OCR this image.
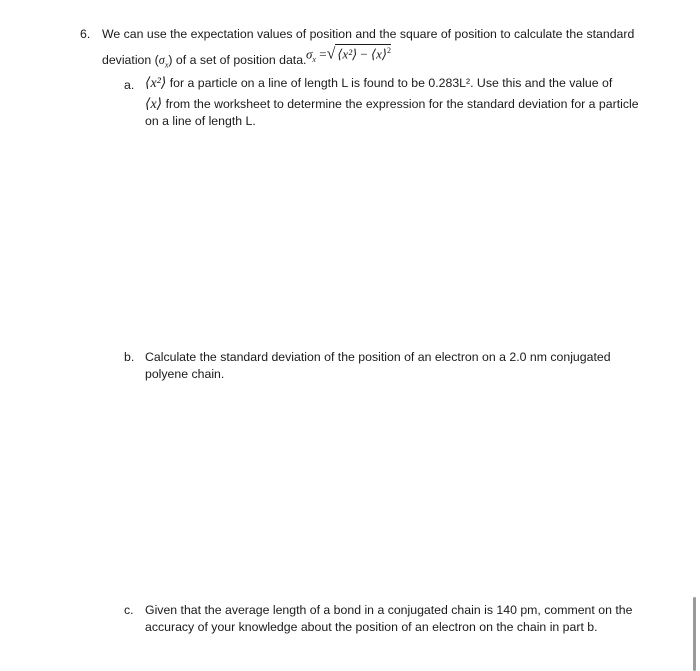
6. We can use the expectation values of position and the square of position to calculate the standard
deviation $(\sigma_x)$ of a set of position data. $\sigma_x$ =√ ⟨x²⟩ − ⟨x⟩$^2$
a. ⟨x²⟩ for a particle on a line of length L is found to be 0.283L². Use this and the value of
⟨x⟩ from the worksheet to determine the expression for the standard deviation for a particle
on a line of length L.
b. Calculate the standard deviation of the position of an electron on a 2.0 nm conjugated
polyene chain.
c. Given that the average length of a bond in a conjugated chain is 140 pm, comment on the
accuracy of your knowledge about the position of an electron on the chain in part b.
